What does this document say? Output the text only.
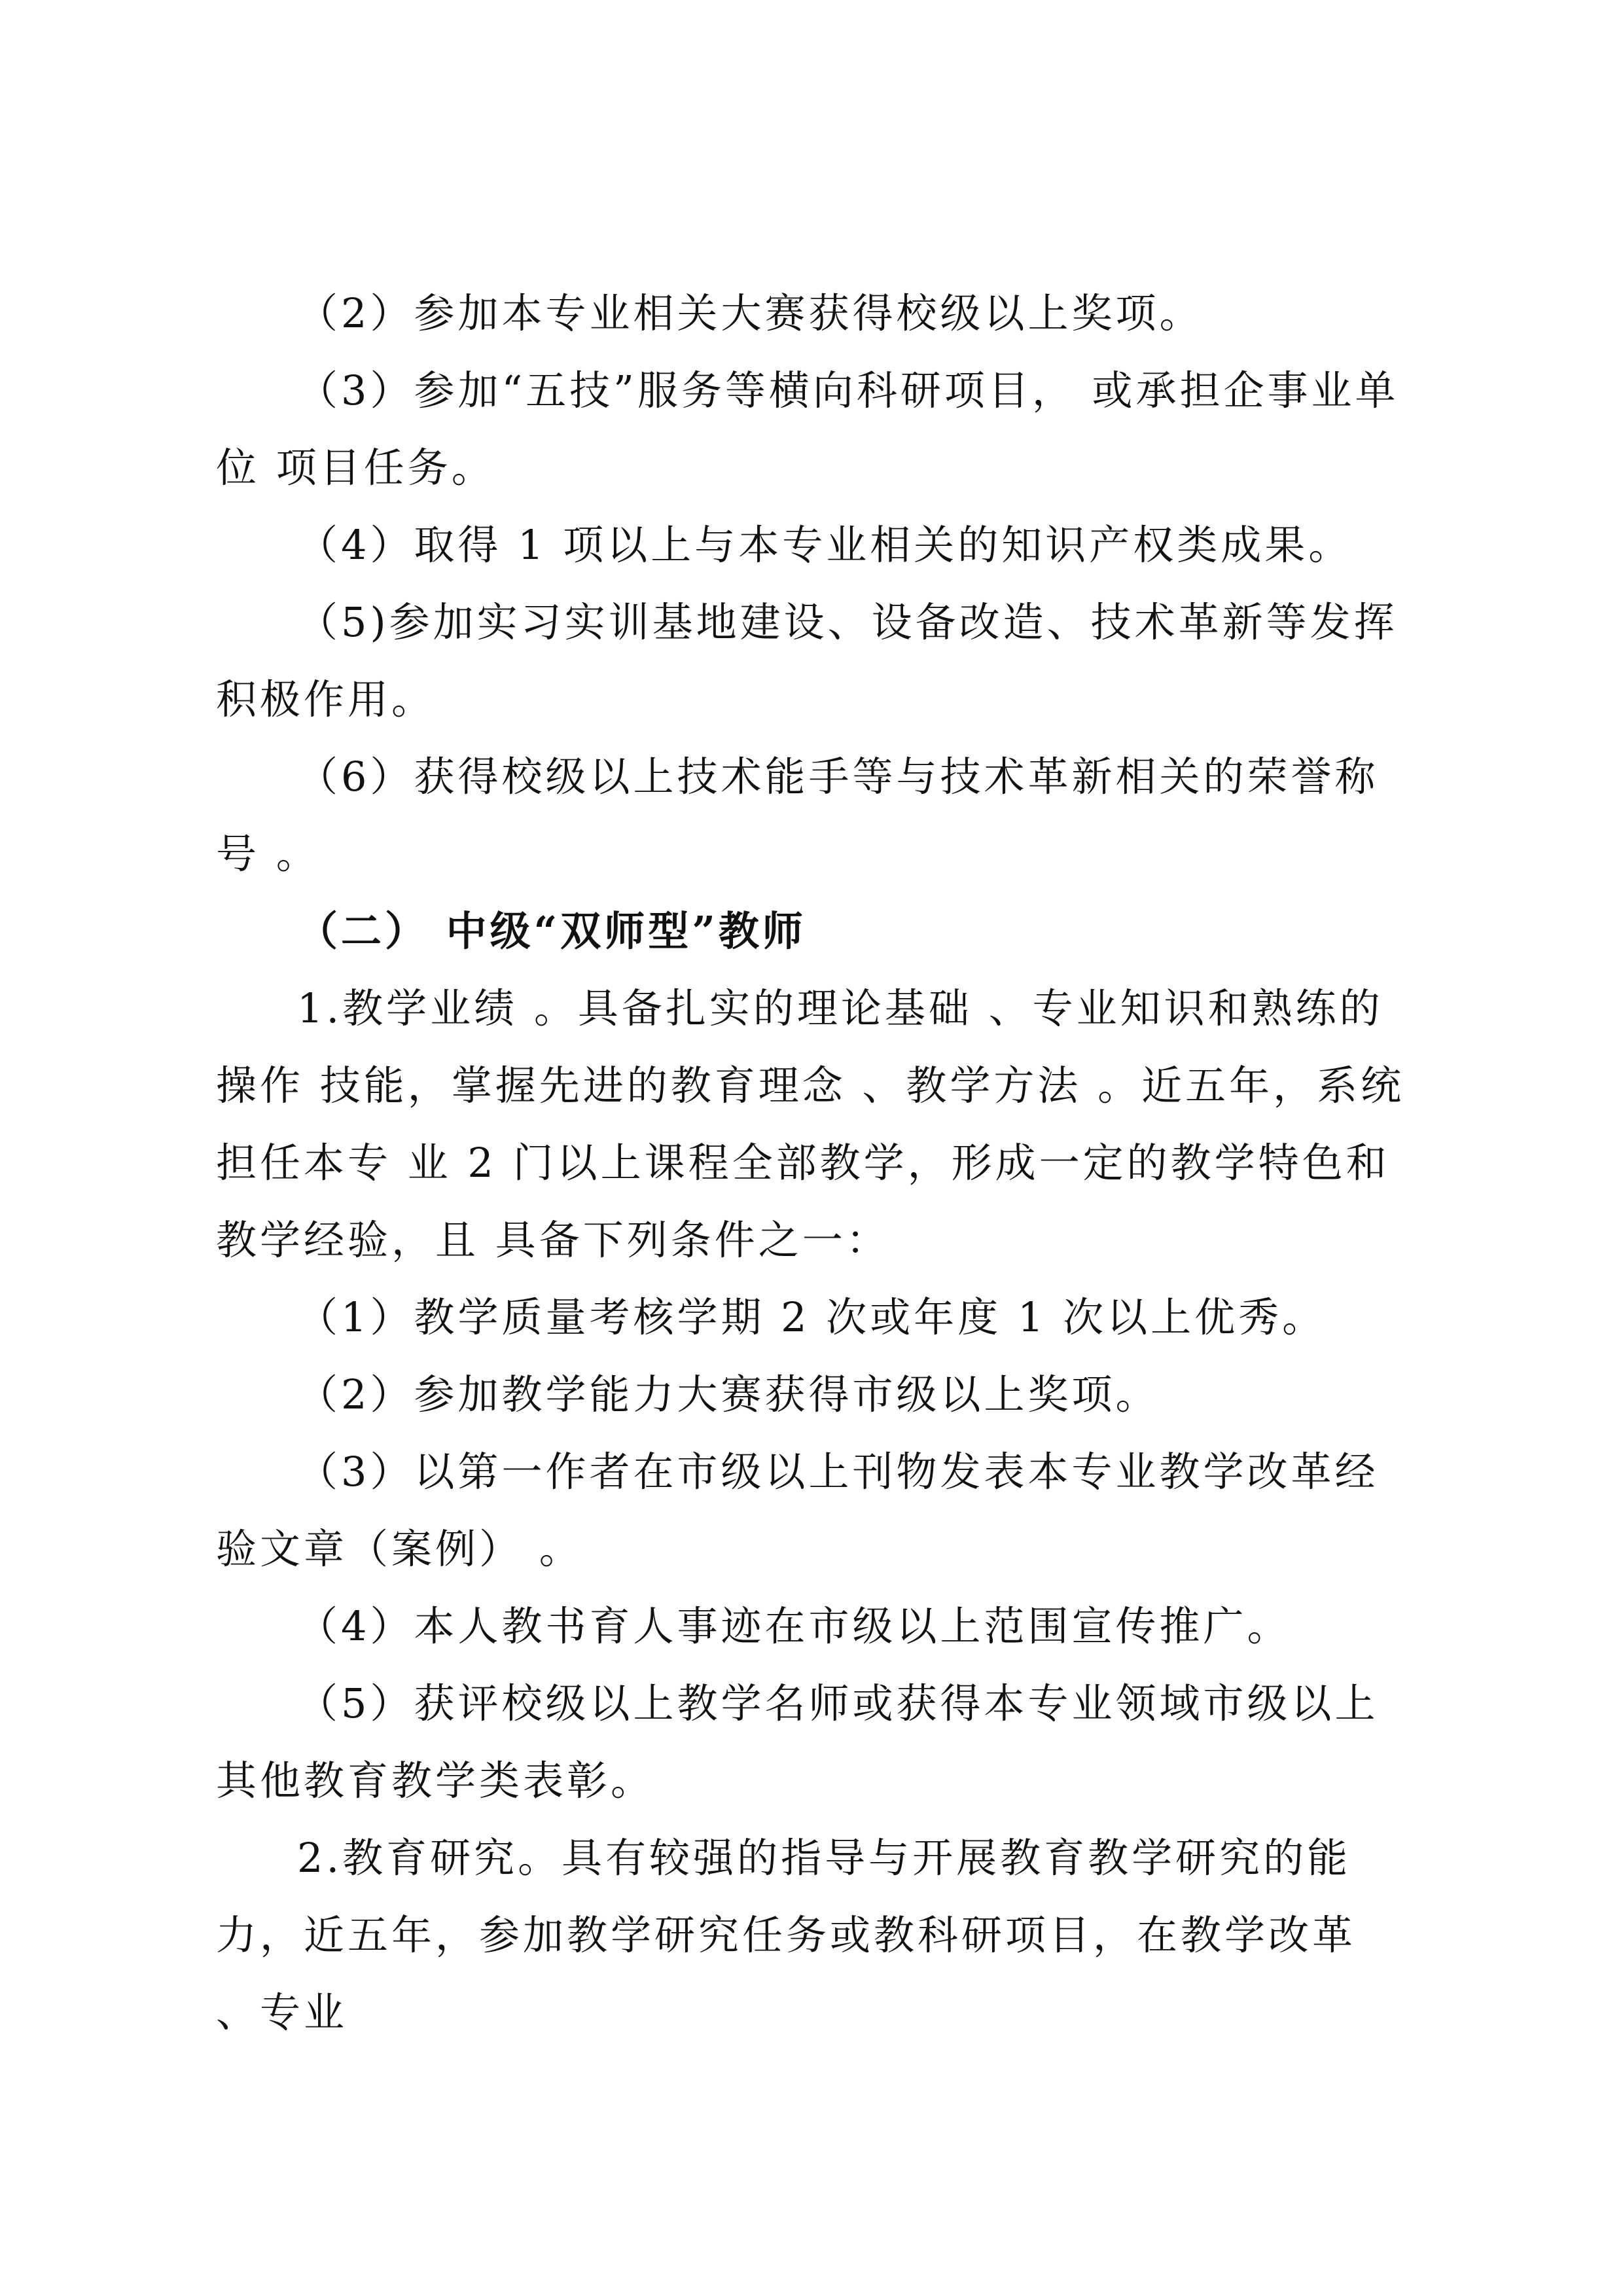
（2）参加本专业相关大赛获得校级以上奖项。

（3）参加“五技”服务等横向科研项目， 或承担企事业单位 项目任务。

（4）取得 1 项以上与本专业相关的知识产权类成果。

（5)参加实习实训基地建设、设备改造、技术革新等发挥 积极作用。

（6）获得校级以上技术能手等与技术革新相关的荣誉称号 。

（二） 中级“双师型”教师

1.教学业绩 。具备扎实的理论基础 、专业知识和熟练的操作 技能，掌握先进的教育理念 、教学方法 。近五年，系统担任本专 业 2 门以上课程全部教学，形成一定的教学特色和教学经验，且 具备下列条件之一：

（1）教学质量考核学期 2 次或年度 1 次以上优秀。

（2）参加教学能力大赛获得市级以上奖项。

（3）以第一作者在市级以上刊物发表本专业教学改革经验文章（案例） 。

（4）本人教书育人事迹在市级以上范围宣传推广。

（5）获评校级以上教学名师或获得本专业领域市级以上其他教育教学类表彰。

2.教育研究。具有较强的指导与开展教育教学研究的能力，近五年，参加教学研究任务或教科研项目，在教学改革 、专业
